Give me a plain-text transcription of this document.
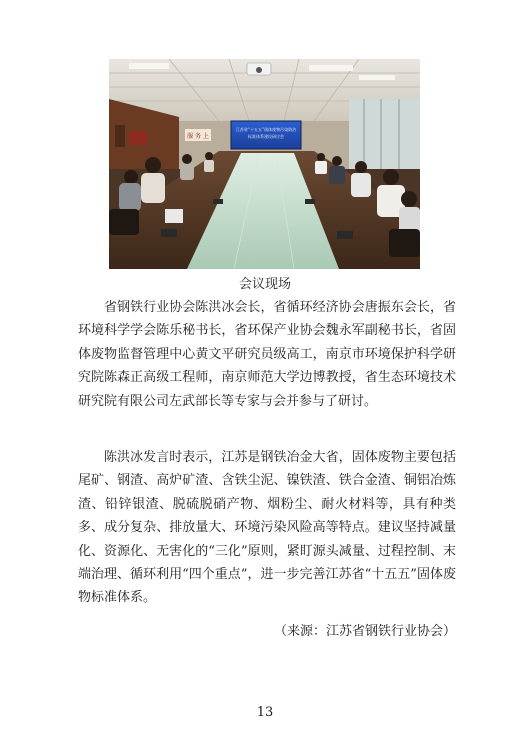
服 务 上
江苏省“十五五”固体废物污染防治
标准体系建设研讨会
会议现场

省钢铁行业协会陈洪冰会长，省循环经济协会唐振东会长，省环境科学学会陈乐秘书长，省环保产业协会魏永军副秘书长，省固体废物监督管理中心黄文平研究员级高工，南京市环境保护科学研究院陈森正高级工程师，南京师范大学边博教授，省生态环境技术研究院有限公司左武部长等专家与会并参与了研讨。

陈洪冰发言时表示，江苏是钢铁冶金大省，固体废物主要包括尾矿、钢渣、高炉矿渣、含铁尘泥、镍铁渣、铁合金渣、铜铝冶炼渣、铅锌银渣、脱硫脱硝产物、烟粉尘、耐火材料等，具有种类多、成分复杂、排放量大、环境污染风险高等特点。建议坚持减量化、资源化、无害化的“三化”原则，紧盯源头减量、过程控制、末端治理、循环利用“四个重点”，进一步完善江苏省“十五五”固体废物标准体系。

（来源：江苏省钢铁行业协会）
13
